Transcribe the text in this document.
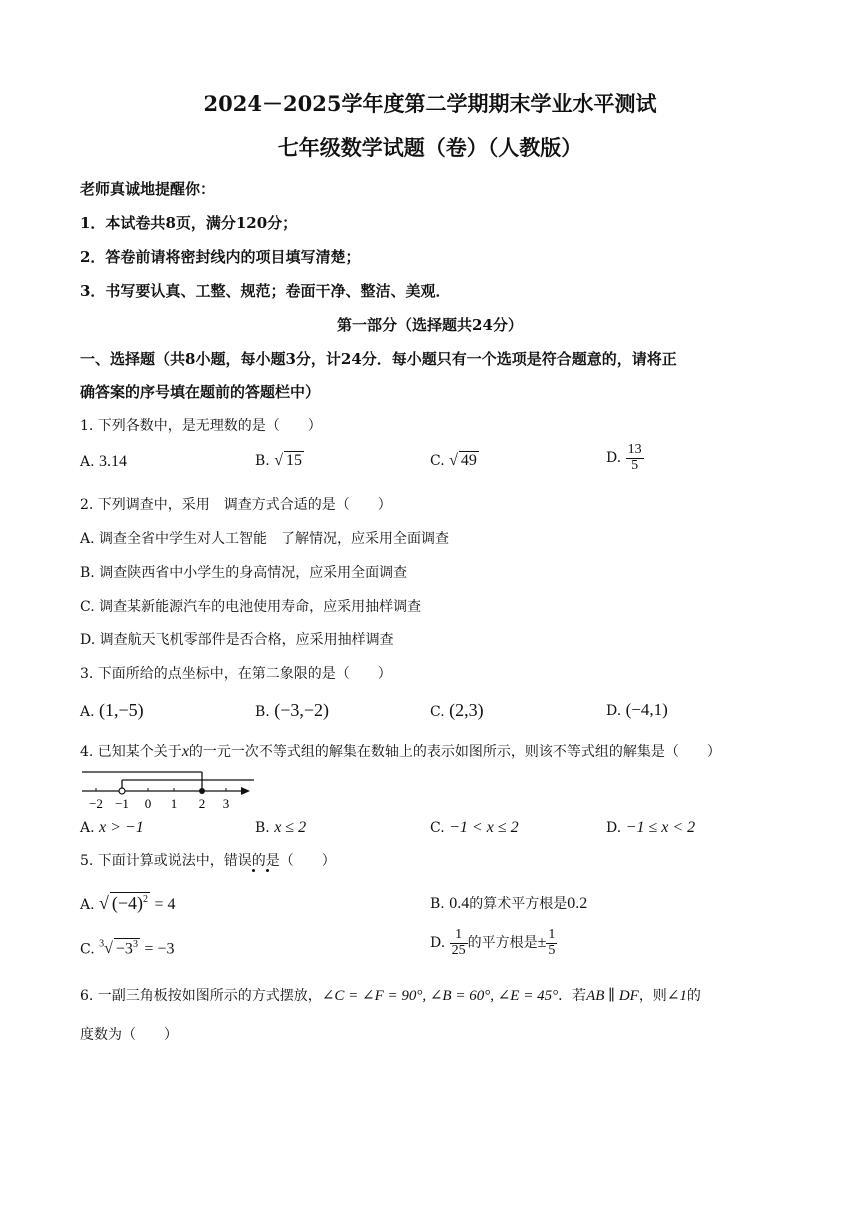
2024－2025学年度第二学期期末学业水平测试
七年级数学试题（卷）（人教版）
老师真诚地提醒你：
1．本试卷共8页，满分120分；
2．答卷前请将密封线内的项目填写清楚；
3．书写要认真、工整、规范；卷面干净、整洁、美观．
第一部分（选择题共24分）
一、选择题（共8小题，每小题3分，计24分．每小题只有一个选项是符合题意的，请将正
确答案的序号填在题前的答题栏中）
1. 下列各数中，是无理数的是（　　）
A. 3.14	B. √ 15	C. √ 49	D. $\frac{13}{5}$
2. 下列调查中，采用　调查方式合适的是（　　）
A. 调查全省中学生对人工智能　了解情况，应采用全面调查
B. 调查陕西省中小学生的身高情况，应采用全面调查
C. 调查某新能源汽车的电池使用寿命，应采用抽样调查
D. 调查航天飞机零部件是否合格，应采用抽样调查
3. 下面所给的点坐标中，在第二象限的是（　　）
A. (1,−5)	B. (−3,−2)	C. (2,3)	D. (−4,1)
4. 已知某个关于x的一元一次不等式组的解集在数轴上的表示如图所示，则该不等式组的解集是（　　）
−2 −1 0 1 2 3
A. x > −1	B. x ≤ 2	C. −1 < x ≤ 2	D. −1 ≤ x < 2
5. 下面计算或说法中，错误的是（　　）
A. √ $(-4)^2 = 4$	B. 0.4的算术平方根是0.2
C. $^3√ -3^3 = -3$	D. $\frac{1}{25}$ 的平方根是± $\frac{1}{5}$
6. 一副三角板按如图所示的方式摆放，∠C = ∠F = 90°, ∠B = 60°, ∠E = 45°．若AB ∥ DF，则∠1的
度数为（　　）
